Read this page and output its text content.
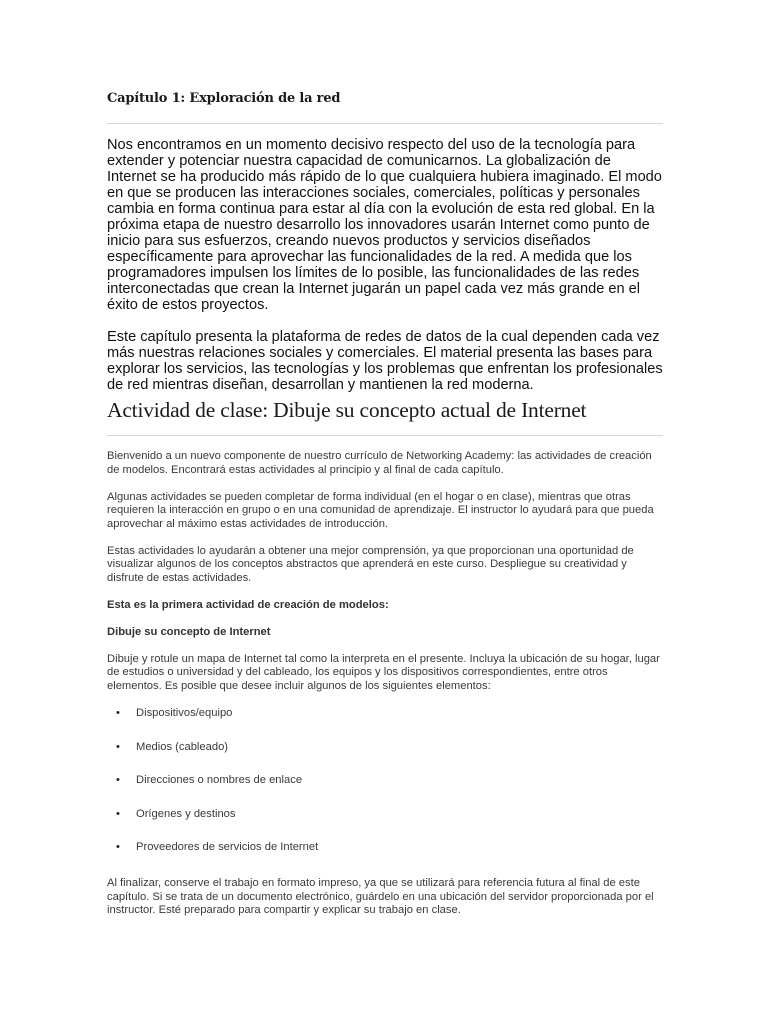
Capítulo 1: Exploración de la red

Nos encontramos en un momento decisivo respecto del uso de la tecnología para extender y potenciar nuestra capacidad de comunicarnos. La globalización de Internet se ha producido más rápido de lo que cualquiera hubiera imaginado. El modo en que se producen las interacciones sociales, comerciales, políticas y personales cambia en forma continua para estar al día con la evolución de esta red global. En la próxima etapa de nuestro desarrollo los innovadores usarán Internet como punto de inicio para sus esfuerzos, creando nuevos productos y servicios diseñados específicamente para aprovechar las funcionalidades de la red. A medida que los programadores impulsen los límites de lo posible, las funcionalidades de las redes interconectadas que crean la Internet jugarán un papel cada vez más grande en el éxito de estos proyectos.

Este capítulo presenta la plataforma de redes de datos de la cual dependen cada vez más nuestras relaciones sociales y comerciales. El material presenta las bases para explorar los servicios, las tecnologías y los problemas que enfrentan los profesionales de red mientras diseñan, desarrollan y mantienen la red moderna.

Actividad de clase: Dibuje su concepto actual de Internet

Bienvenido a un nuevo componente de nuestro currículo de Networking Academy: las actividades de creación de modelos. Encontrará estas actividades al principio y al final de cada capítulo.

Algunas actividades se pueden completar de forma individual (en el hogar o en clase), mientras que otras requieren la interacción en grupo o en una comunidad de aprendizaje. El instructor lo ayudará para que pueda aprovechar al máximo estas actividades de introducción.

Estas actividades lo ayudarán a obtener una mejor comprensión, ya que proporcionan una oportunidad de visualizar algunos de los conceptos abstractos que aprenderá en este curso. Despliegue su creatividad y disfrute de estas actividades.

Esta es la primera actividad de creación de modelos:

Dibuje su concepto de Internet

Dibuje y rotule un mapa de Internet tal como la interpreta en el presente. Incluya la ubicación de su hogar, lugar de estudios o universidad y del cableado, los equipos y los dispositivos correspondientes, entre otros elementos. Es posible que desee incluir algunos de los siguientes elementos:

• Dispositivos/equipo
• Medios (cableado)
• Direcciones o nombres de enlace
• Orígenes y destinos
• Proveedores de servicios de Internet

Al finalizar, conserve el trabajo en formato impreso, ya que se utilizará para referencia futura al final de este capítulo. Si se trata de un documento electrónico, guárdelo en una ubicación del servidor proporcionada por el instructor. Esté preparado para compartir y explicar su trabajo en clase.
